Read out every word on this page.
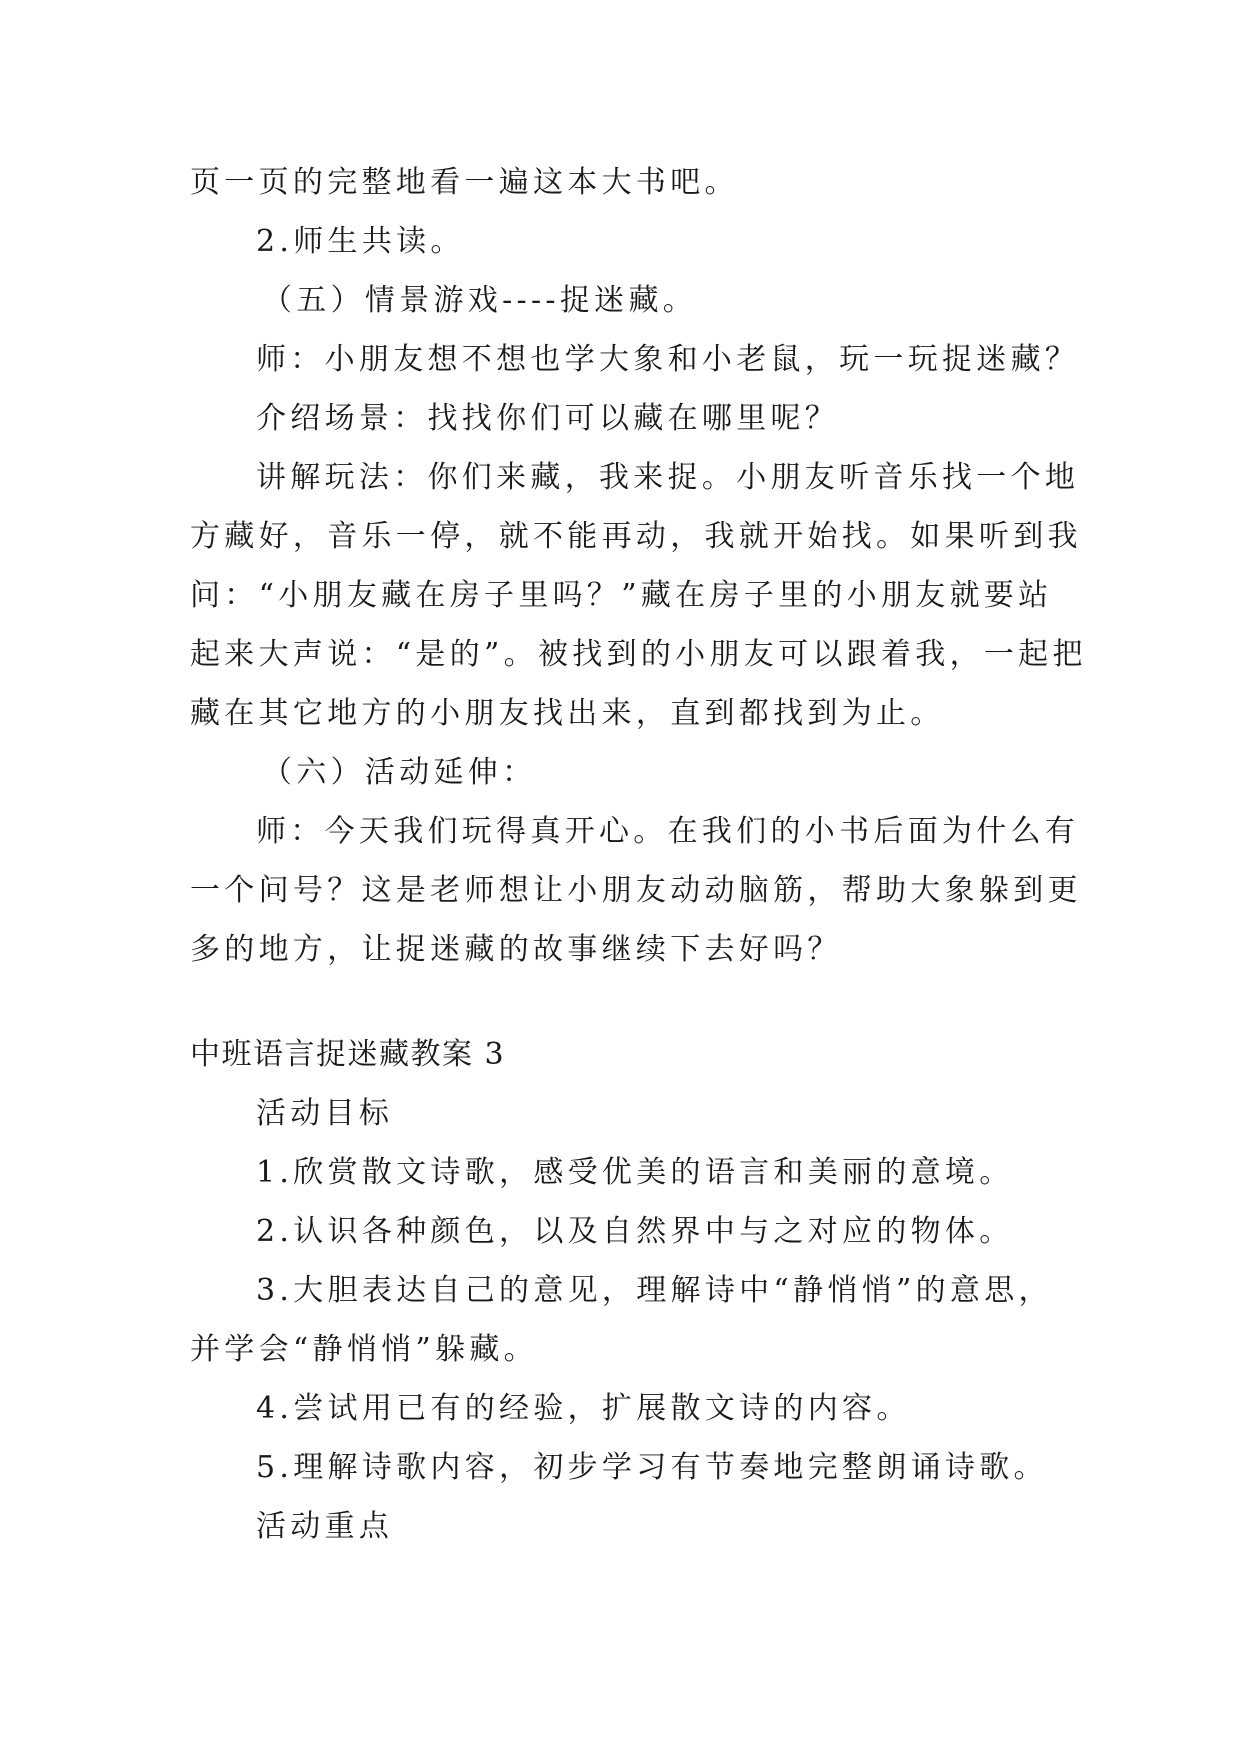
页一页的完整地看一遍这本大书吧。
2.师生共读。
（五）情景游戏----捉迷藏。
师：小朋友想不想也学大象和小老鼠，玩一玩捉迷藏？
介绍场景：找找你们可以藏在哪里呢？
讲解玩法：你们来藏，我来捉。小朋友听音乐找一个地
方藏好，音乐一停，就不能再动，我就开始找。如果听到我
问：“小朋友藏在房子里吗？”藏在房子里的小朋友就要站
起来大声说：“是的”。被找到的小朋友可以跟着我，一起把
藏在其它地方的小朋友找出来，直到都找到为止。
（六）活动延伸：
师：今天我们玩得真开心。在我们的小书后面为什么有
一个问号？这是老师想让小朋友动动脑筋，帮助大象躲到更
多的地方，让捉迷藏的故事继续下去好吗？
中班语言捉迷藏教案 3
活动目标
1.欣赏散文诗歌，感受优美的语言和美丽的意境。
2.认识各种颜色，以及自然界中与之对应的物体。
3.大胆表达自己的意见，理解诗中“静悄悄”的意思，
并学会“静悄悄”躲藏。
4.尝试用已有的经验，扩展散文诗的内容。
5.理解诗歌内容，初步学习有节奏地完整朗诵诗歌。
活动重点
